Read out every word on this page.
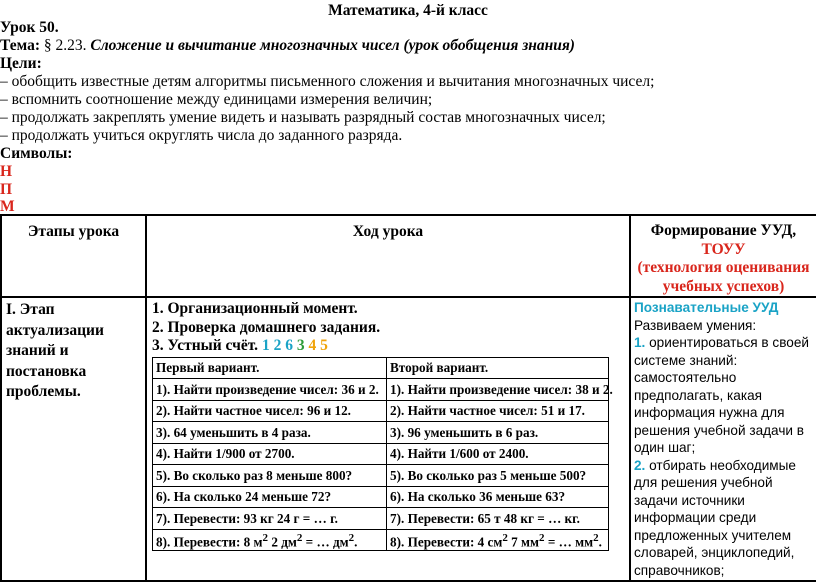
Математика, 4-й класс
Урок 50.
Тема: § 2.23. Сложение и вычитание многозначных чисел (урок обобщения знания)
Цели:
– обобщить известные детям алгоритмы письменного сложения и вычитания многозначных чисел;
– вспомнить соотношение между единицами измерения величин;
– продолжать закреплять умение видеть и называть разрядный состав многозначных чисел;
– продолжать учиться округлять числа до заданного разряда.
Символы:
Н
П
М
Этапы урока	Ход урока	Формирование УУД,
ТОУУ
(технология оценивания
учебных успехов)

I. Этап
актуализации
знаний и
постановка
проблемы.

1. Организационный момент.
2. Проверка домашнего задания.
3. Устный счёт. 1 2 6 3 4 5
Первый вариант.	Второй вариант.
1). Найти произведение чисел: 36 и 2.	1). Найти произведение чисел: 38 и 2.
2). Найти частное чисел: 96 и 12.	2). Найти частное чисел: 51 и 17.
3). 64 уменьшить в 4 раза.	3). 96 уменьшить в 6 раз.
4). Найти 1/900 от 2700.	4). Найти 1/600 от 2400.
5). Во сколько раз 8 меньше 800?	5). Во сколько раз 5 меньше 500?
6). На сколько 24 меньше 72?	6). На сколько 36 меньше 63?
7). Перевести: 93 кг 24 г = … г.	7). Перевести: 65 т 48 кг = … кг.
8). Перевести: 8 $м^2$ 2 $дм^2$ = … $дм^2$.	8). Перевести: 4 $см^2$ 7 $мм^2$ = … $мм^2$.

Познавательные УУД
Развиваем умения:
1. ориентироваться в своей системе знаний: самостоятельно предполагать, какая информация нужна для решения учебной задачи в один шаг;
2. отбирать необходимые для решения учебной задачи источники информации среди предложенных учителем словарей, энциклопедий, справочников;
